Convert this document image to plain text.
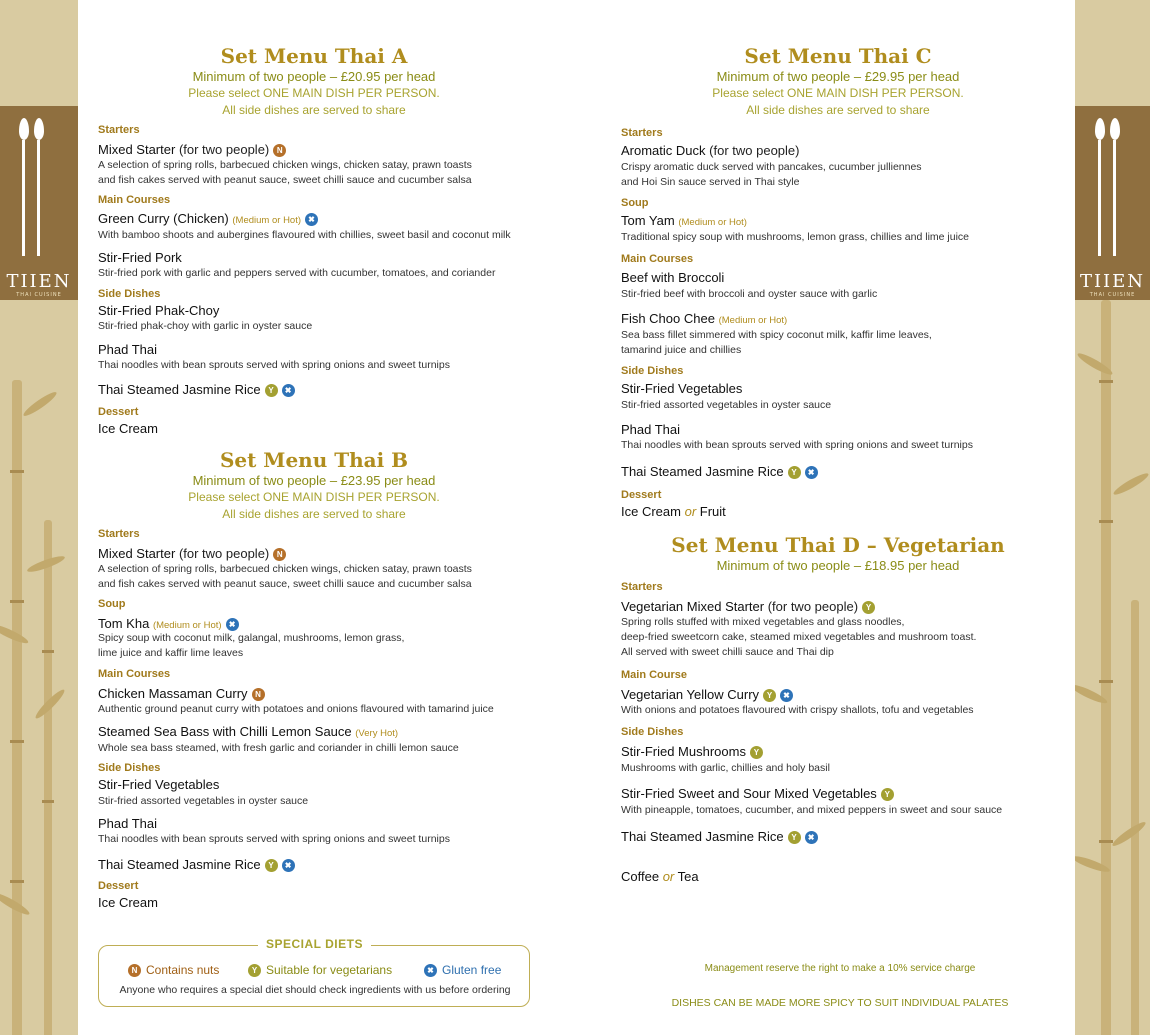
TIIEN
THAI CUISINE
TIIEN
THAI CUISINE
Set Menu Thai A
Minimum of two people – £20.95 per head
Please select ONE MAIN DISH PER PERSON.
All side dishes are served to share
Starters
Mixed Starter (for two people) N
A selection of spring rolls, barbecued chicken wings, chicken satay, prawn toasts
and fish cakes served with peanut sauce, sweet chilli sauce and cucumber salsa
Main Courses
Green Curry (Chicken) (Medium or Hot) ✖
With bamboo shoots and aubergines flavoured with chillies, sweet basil and coconut milk
Stir-Fried Pork
Stir-fried pork with garlic and peppers served with cucumber, tomatoes, and coriander
Side Dishes
Stir-Fried Phak-Choy
Stir-fried phak-choy with garlic in oyster sauce
Phad Thai
Thai noodles with bean sprouts served with spring onions and sweet turnips
Thai Steamed Jasmine Rice Y ✖
Dessert
Ice Cream
Set Menu Thai B
Minimum of two people – £23.95 per head
Please select ONE MAIN DISH PER PERSON.
All side dishes are served to share
Starters
Mixed Starter (for two people) N
A selection of spring rolls, barbecued chicken wings, chicken satay, prawn toasts
and fish cakes served with peanut sauce, sweet chilli sauce and cucumber salsa
Soup
Tom Kha (Medium or Hot) ✖
Spicy soup with coconut milk, galangal, mushrooms, lemon grass,
lime juice and kaffir lime leaves
Main Courses
Chicken Massaman Curry N
Authentic ground peanut curry with potatoes and onions flavoured with tamarind juice
Steamed Sea Bass with Chilli Lemon Sauce (Very Hot)
Whole sea bass steamed, with fresh garlic and coriander in chilli lemon sauce
Side Dishes
Stir-Fried Vegetables
Stir-fried assorted vegetables in oyster sauce
Phad Thai
Thai noodles with bean sprouts served with spring onions and sweet turnips
Thai Steamed Jasmine Rice Y ✖
Dessert
Ice Cream
SPECIAL DIETS
N Contains nuts	Y Suitable for vegetarians	✖ Gluten free
Anyone who requires a special diet should check ingredients with us before ordering
Set Menu Thai C
Minimum of two people – £29.95 per head
Please select ONE MAIN DISH PER PERSON.
All side dishes are served to share
Starters
Aromatic Duck (for two people)
Crispy aromatic duck served with pancakes, cucumber julliennes
and Hoi Sin sauce served in Thai style
Soup
Tom Yam (Medium or Hot)
Traditional spicy soup with mushrooms, lemon grass, chillies and lime juice
Main Courses
Beef with Broccoli
Stir-fried beef with broccoli and oyster sauce with garlic
Fish Choo Chee (Medium or Hot)
Sea bass fillet simmered with spicy coconut milk, kaffir lime leaves,
tamarind juice and chillies
Side Dishes
Stir-Fried Vegetables
Stir-fried assorted vegetables in oyster sauce
Phad Thai
Thai noodles with bean sprouts served with spring onions and sweet turnips
Thai Steamed Jasmine Rice Y ✖
Dessert
Ice Cream or Fruit
Set Menu Thai D – Vegetarian
Minimum of two people – £18.95 per head
Starters
Vegetarian Mixed Starter (for two people) Y
Spring rolls stuffed with mixed vegetables and glass noodles,
deep-fried sweetcorn cake, steamed mixed vegetables and mushroom toast.
All served with sweet chilli sauce and Thai dip
Main Course
Vegetarian Yellow Curry Y ✖
With onions and potatoes flavoured with crispy shallots, tofu and vegetables
Side Dishes
Stir-Fried Mushrooms Y
Mushrooms with garlic, chillies and holy basil
Stir-Fried Sweet and Sour Mixed Vegetables Y
With pineapple, tomatoes, cucumber, and mixed peppers in sweet and sour sauce
Thai Steamed Jasmine Rice Y ✖
Coffee or Tea
Management reserve the right to make a 10% service charge
DISHES CAN BE MADE MORE SPICY TO SUIT INDIVIDUAL PALATES
